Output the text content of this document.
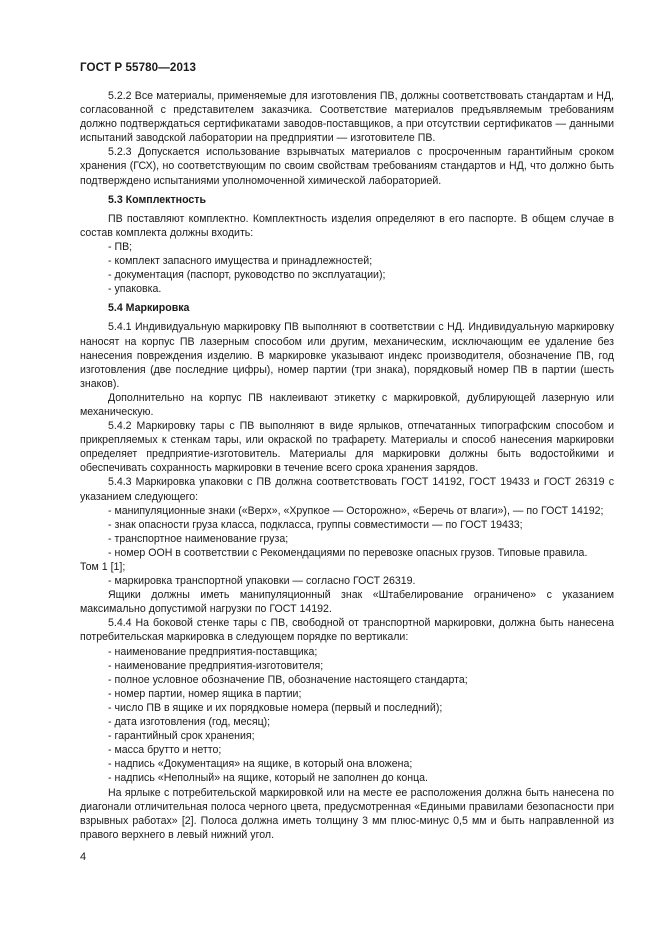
ГОСТ Р 55780—2013

5.2.2 Все материалы, применяемые для изготовления ПВ, должны соответствовать стандартам и НД, согласованной с представителем заказчика. Соответствие материалов предъявляемым требованиям должно подтверждаться сертификатами заводов-поставщиков, а при отсутствии сертификатов — данными испытаний заводской лаборатории на предприятии — изготовителе ПВ.

5.2.3 Допускается использование взрывчатых материалов с просроченным гарантийным сроком хранения (ГСХ), но соответствующим по своим свойствам требованиям стандартов и НД, что должно быть подтверждено испытаниями уполномоченной химической лабораторией.

5.3 Комплектность

ПВ поставляют комплектно. Комплектность изделия определяют в его паспорте. В общем случае в состав комплекта должны входить:

- ПВ;

- комплект запасного имущества и принадлежностей;

- документация (паспорт, руководство по эксплуатации);

- упаковка.

5.4 Маркировка

5.4.1 Индивидуальную маркировку ПВ выполняют в соответствии с НД. Индивидуальную маркировку наносят на корпус ПВ лазерным способом или другим, механическим, исключающим ее удаление без нанесения повреждения изделию. В маркировке указывают индекс производителя, обозначение ПВ, год изготовления (две последние цифры), номер партии (три знака), порядковый номер ПВ в партии (шесть знаков).

Дополнительно на корпус ПВ наклеивают этикетку с маркировкой, дублирующей лазерную или механическую.

5.4.2 Маркировку тары с ПВ выполняют в виде ярлыков, отпечатанных типографским способом и прикрепляемых к стенкам тары, или окраской по трафарету. Материалы и способ нанесения маркировки определяет предприятие-изготовитель. Материалы для маркировки должны быть водостойкими и обеспечивать сохранность маркировки в течение всего срока хранения зарядов.

5.4.3 Маркировка упаковки с ПВ должна соответствовать ГОСТ 14192, ГОСТ 19433 и ГОСТ 26319 с указанием следующего:

- манипуляционные знаки («Верх», «Хрупкое — Осторожно», «Беречь от влаги»), — по ГОСТ 14192;

- знак опасности груза класса, подкласса, группы совместимости — по ГОСТ 19433;

- транспортное наименование груза;

- номер ООН в соответствии с Рекомендациями по перевозке опасных грузов. Типовые правила.

Том 1 [1];

- маркировка транспортной упаковки — согласно ГОСТ 26319.

Ящики должны иметь манипуляционный знак «Штабелирование ограничено» с указанием максимально допустимой нагрузки по ГОСТ 14192.

5.4.4 На боковой стенке тары с ПВ, свободной от транспортной маркировки, должна быть нанесена потребительская маркировка в следующем порядке по вертикали:

- наименование предприятия-поставщика;

- наименование предприятия-изготовителя;

- полное условное обозначение ПВ, обозначение настоящего стандарта;

- номер партии, номер ящика в партии;

- число ПВ в ящике и их порядковые номера (первый и последний);

- дата изготовления (год, месяц);

- гарантийный срок хранения;

- масса брутто и нетто;

- надпись «Документация» на ящике, в который она вложена;

- надпись «Неполный» на ящике, который не заполнен до конца.

На ярлыке с потребительской маркировкой или на месте ее расположения должна быть нанесена по диагонали отличительная полоса черного цвета, предусмотренная «Едиными правилами безопасности при взрывных работах» [2]. Полоса должна иметь толщину 3 мм плюс-минус 0,5 мм и быть направленной из правого верхнего в левый нижний угол.

4
